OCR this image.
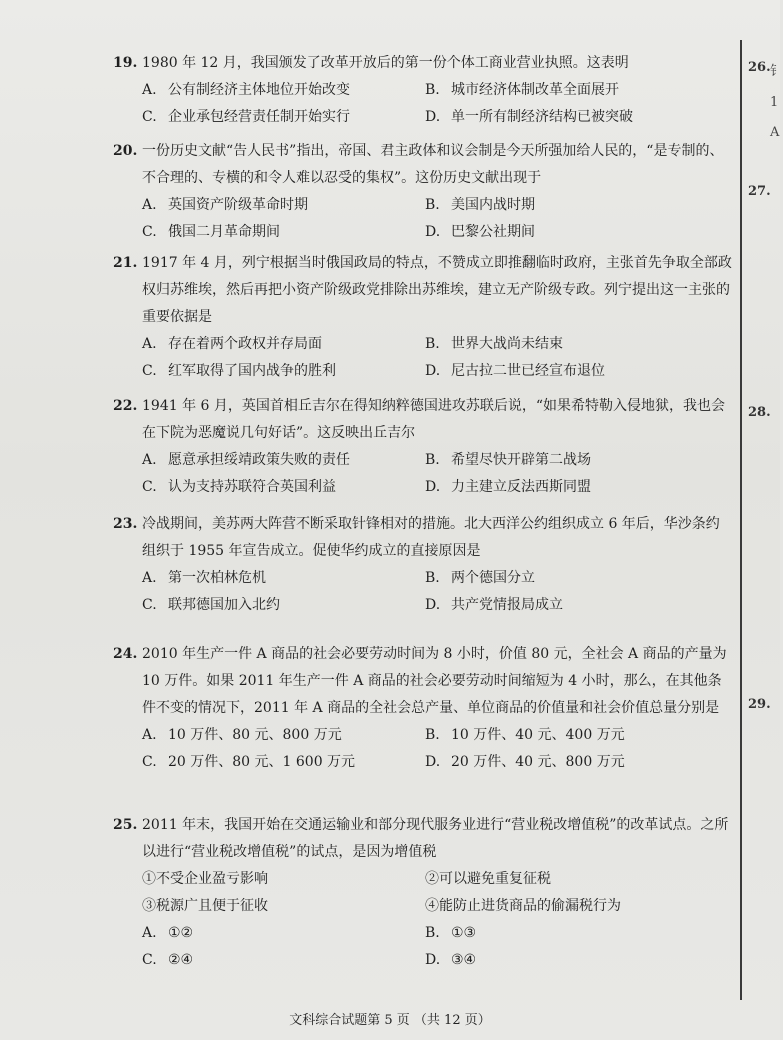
26. 钅
1
A
27.
28.
29.
19. 1980 年 12 月，我国颁发了改革开放后的第一份个体工商业营业执照。这表明
A. 公有制经济主体地位开始改变	B. 城市经济体制改革全面展开
C. 企业承包经营责任制开始实行	D. 单一所有制经济结构已被突破
20. 一份历史文献“告人民书”指出，帝国、君主政体和议会制是今天所强加给人民的，“是专制的、不合理的、专横的和令人难以忍受的集权”。这份历史文献出现于
A. 英国资产阶级革命时期	B. 美国内战时期
C. 俄国二月革命期间	D. 巴黎公社期间
21. 1917 年 4 月，列宁根据当时俄国政局的特点，不赞成立即推翻临时政府，主张首先争取全部政权归苏维埃，然后再把小资产阶级政党排除出苏维埃，建立无产阶级专政。列宁提出这一主张的重要依据是
A. 存在着两个政权并存局面	B. 世界大战尚未结束
C. 红军取得了国内战争的胜利	D. 尼古拉二世已经宣布退位
22. 1941 年 6 月，英国首相丘吉尔在得知纳粹德国进攻苏联后说，“如果希特勒入侵地狱，我也会在下院为恶魔说几句好话”。这反映出丘吉尔
A. 愿意承担绥靖政策失败的责任	B. 希望尽快开辟第二战场
C. 认为支持苏联符合英国利益	D. 力主建立反法西斯同盟
23. 冷战期间，美苏两大阵营不断采取针锋相对的措施。北大西洋公约组织成立 6 年后，华沙条约组织于 1955 年宣告成立。促使华约成立的直接原因是
A. 第一次柏林危机	B. 两个德国分立
C. 联邦德国加入北约	D. 共产党情报局成立
24. 2010 年生产一件 A 商品的社会必要劳动时间为 8 小时，价值 80 元，全社会 A 商品的产量为 10 万件。如果 2011 年生产一件 A 商品的社会必要劳动时间缩短为 4 小时，那么，在其他条件不变的情况下，2011 年 A 商品的全社会总产量、单位商品的价值量和社会价值总量分别是
A. 10 万件、80 元、800 万元	B. 10 万件、40 元、400 万元
C. 20 万件、80 元、1 600 万元	D. 20 万件、40 元、800 万元
25. 2011 年末，我国开始在交通运输业和部分现代服务业进行“营业税改增值税”的改革试点。之所以进行“营业税改增值税”的试点，是因为增值税
①不受企业盈亏影响	②可以避免重复征税
③税源广且便于征收	④能防止进货商品的偷漏税行为
A. ①②	B. ①③
C. ②④	D. ③④
文科综合试题第 5 页 （共 12 页）
